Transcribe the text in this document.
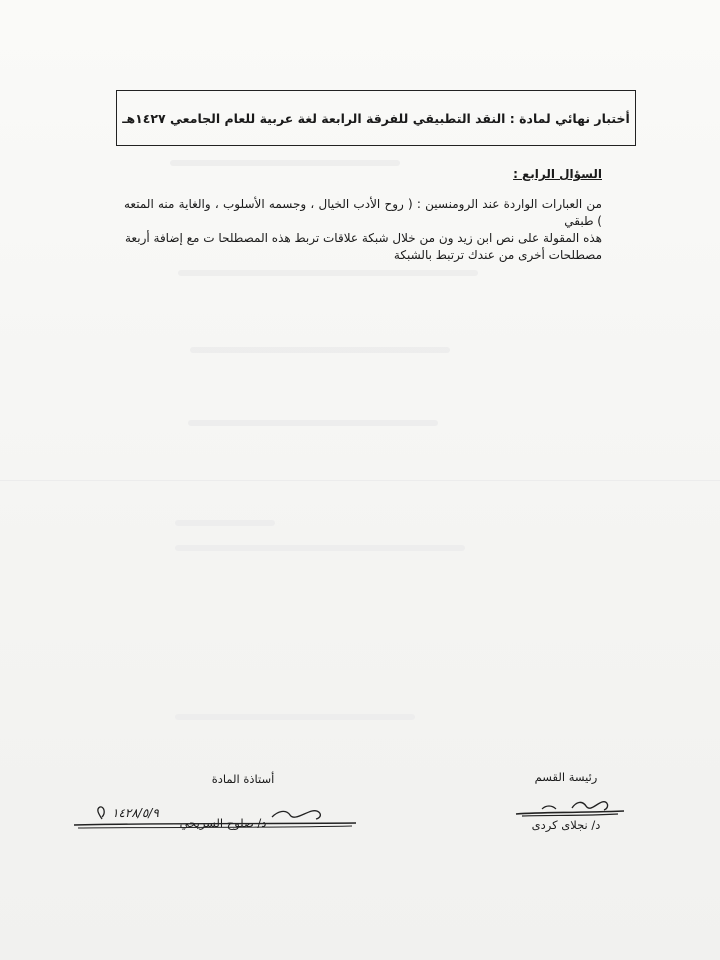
أختبار نهائي لمادة : النقد التطبيقي للفرقة الرابعة لغة عربية للعام الجامعي ١٤٢٧هـ
السؤال الرابع :

من العبارات الواردة عند الرومنسين : ( روح الأدب الخيال ، وجسمه الأسلوب ، والغاية منه المتعه ) طبقي

هذه المقولة على نص ابن زيد ون من خلال شبكة علاقات تربط هذه المصطلحا ت مع إضافة أربعة

مصطلحات أخرى من عندك ترتبط بالشبكة

رئيسة القسم
د/ نجلاى كردى
أستاذة المادة
د/ صلوح السريحي
١٤٢٨/٥/٩
